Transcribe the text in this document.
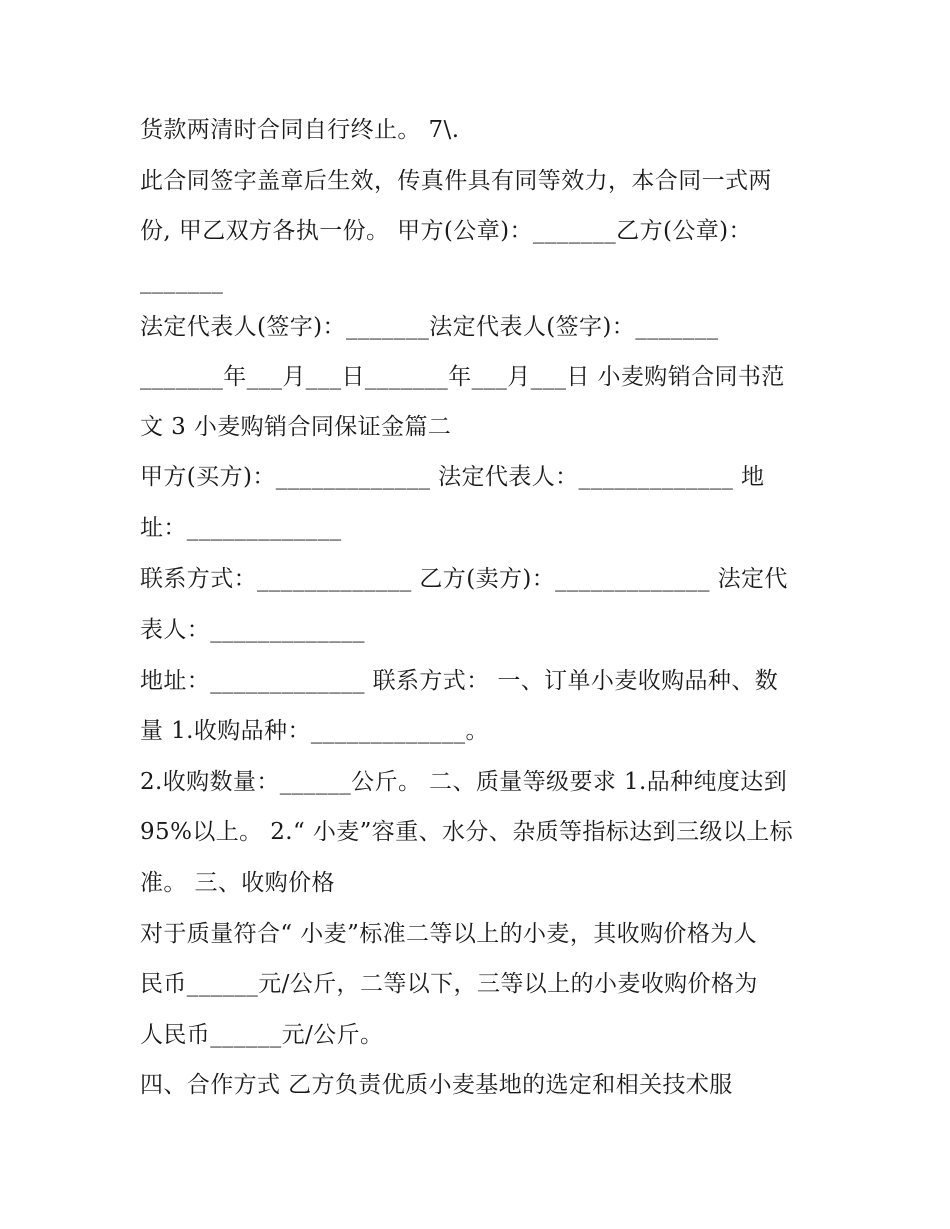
货款两清时合同自行终止。 7\.

此合同签字盖章后生效，传真件具有同等效力，本合同一式两

份, 甲乙双方各执一份。 甲方(公章)：_______乙方(公章)：

_______

法定代表人(签字)：_______法定代表人(签字)：_______

_______年___月___日_______年___月___日 小麦购销合同书范

文 3 小麦购销合同保证金篇二

甲方(买方)：_____________ 法定代表人：_____________ 地

址：_____________

联系方式：_____________ 乙方(卖方)：_____________ 法定代

表人：_____________

地址：_____________ 联系方式： 一、订单小麦收购品种、数

量 1.收购品种：_____________。

2.收购数量：______公斤。 二、质量等级要求 1.品种纯度达到

95%以上。 2.“ 小麦”容重、水分、杂质等指标达到三级以上标

准。 三、收购价格

对于质量符合“ 小麦”标准二等以上的小麦，其收购价格为人

民币______元/公斤，二等以下，三等以上的小麦收购价格为

人民币______元/公斤。

四、合作方式 乙方负责优质小麦基地的选定和相关技术服
